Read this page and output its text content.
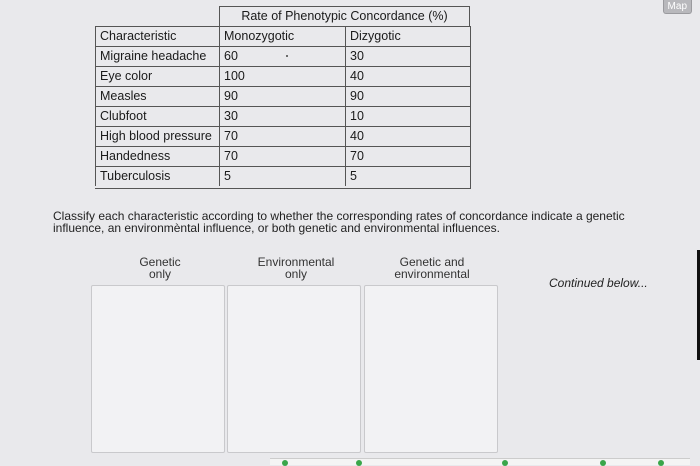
Map
Rate of Phenotypic Concordance (%)
Characteristic	Monozygotic	Dizygotic
Migraine headache	60	30
Eye color	100	40
Measles	90	90
Clubfoot	30	10
High blood pressure 70	40
Handedness	70	70
Tuberculosis	5	5
Classify each characteristic according to whether the corresponding rates of concordance indicate a genetic influence, an environmèntal influence, or both genetic and environmental influences.
Genetic
only
Environmental
only
Genetic and
environmental
Continued below...
